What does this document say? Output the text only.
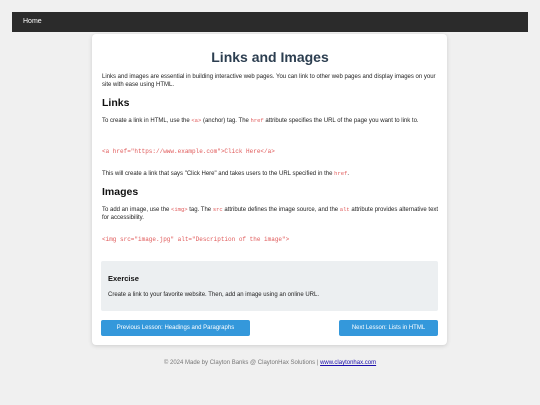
Home
Links and Images

Links and images are essential in building interactive web pages. You can link to other web pages and display images on your site with ease using HTML.

Links

To create a link in HTML, use the <a> (anchor) tag. The href attribute specifies the URL of the page you want to link to.

<a href="https://www.example.com">Click Here</a>

This will create a link that says "Click Here" and takes users to the URL specified in the href.

Images

To add an image, use the <img> tag. The src attribute defines the image source, and the alt attribute provides alternative text for accessibility.

<img src="image.jpg" alt="Description of the image">
Exercise

Create a link to your favorite website. Then, add an image using an online URL.

Previous Lesson: Headings and Paragraphs	Next Lesson: Lists in HTML

© 2024 Made by Clayton Banks @ ClaytonHax Solutions | www.claytonhax.com
